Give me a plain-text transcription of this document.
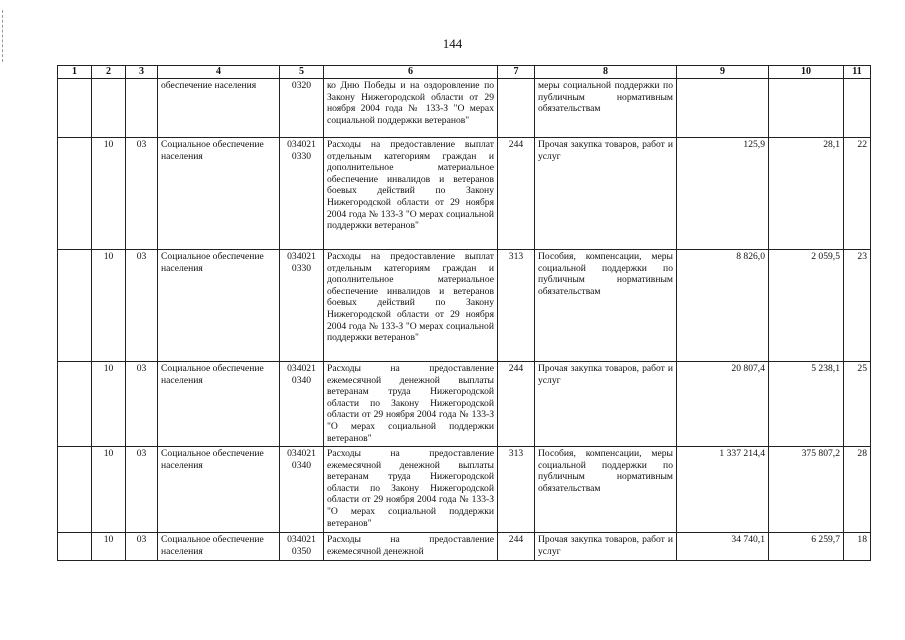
144
1	2	3	4	5	6	7	8	9	10	11
			обеспечение населения	0320	ко Дню Победы и на оздоровление по Закону Нижегородской области от 29 ноября 2004 года № 133-З "О мерах социальной поддержки ветеранов"		меры социальной поддержки по публичным нормативным обязательствам			
	10	03	Социальное обеспечение населения	034021 0330	Расходы на предоставление выплат отдельным категориям граждан и дополнительное материальное обеспечение инвалидов и ветеранов боевых действий по Закону Нижегородской области от 29 ноября 2004 года № 133-З "О мерах социальной поддержки ветеранов"	244	Прочая закупка товаров, работ и услуг	125,9	28,1	22
	10	03	Социальное обеспечение населения	034021 0330	Расходы на предоставление выплат отдельным категориям граждан и дополнительное материальное обеспечение инвалидов и ветеранов боевых действий по Закону Нижегородской области от 29 ноября 2004 года № 133-З "О мерах социальной поддержки ветеранов"	313	Пособия, компенсации, меры социальной поддержки по публичным нормативным обязательствам	8 826,0	2 059,5	23
	10	03	Социальное обеспечение населения	034021 0340	Расходы на предоставление ежемесячной денежной выплаты ветеранам труда Нижегородской области по Закону Нижегородской области от 29 ноября 2004 года № 133-З "О мерах социальной поддержки ветеранов"	244	Прочая закупка товаров, работ и услуг	20 807,4	5 238,1	25
	10	03	Социальное обеспечение населения	034021 0340	Расходы на предоставление ежемесячной денежной выплаты ветеранам труда Нижегородской области по Закону Нижегородской области от 29 ноября 2004 года № 133-З "О мерах социальной поддержки ветеранов"	313	Пособия, компенсации, меры социальной поддержки по публичным нормативным обязательствам	1 337 214,4	375 807,2	28
	10	03	Социальное обеспечение населения	034021 0350	Расходы на предоставление ежемесячной денежной	244	Прочая закупка товаров, работ и услуг	34 740,1	6 259,7	18
